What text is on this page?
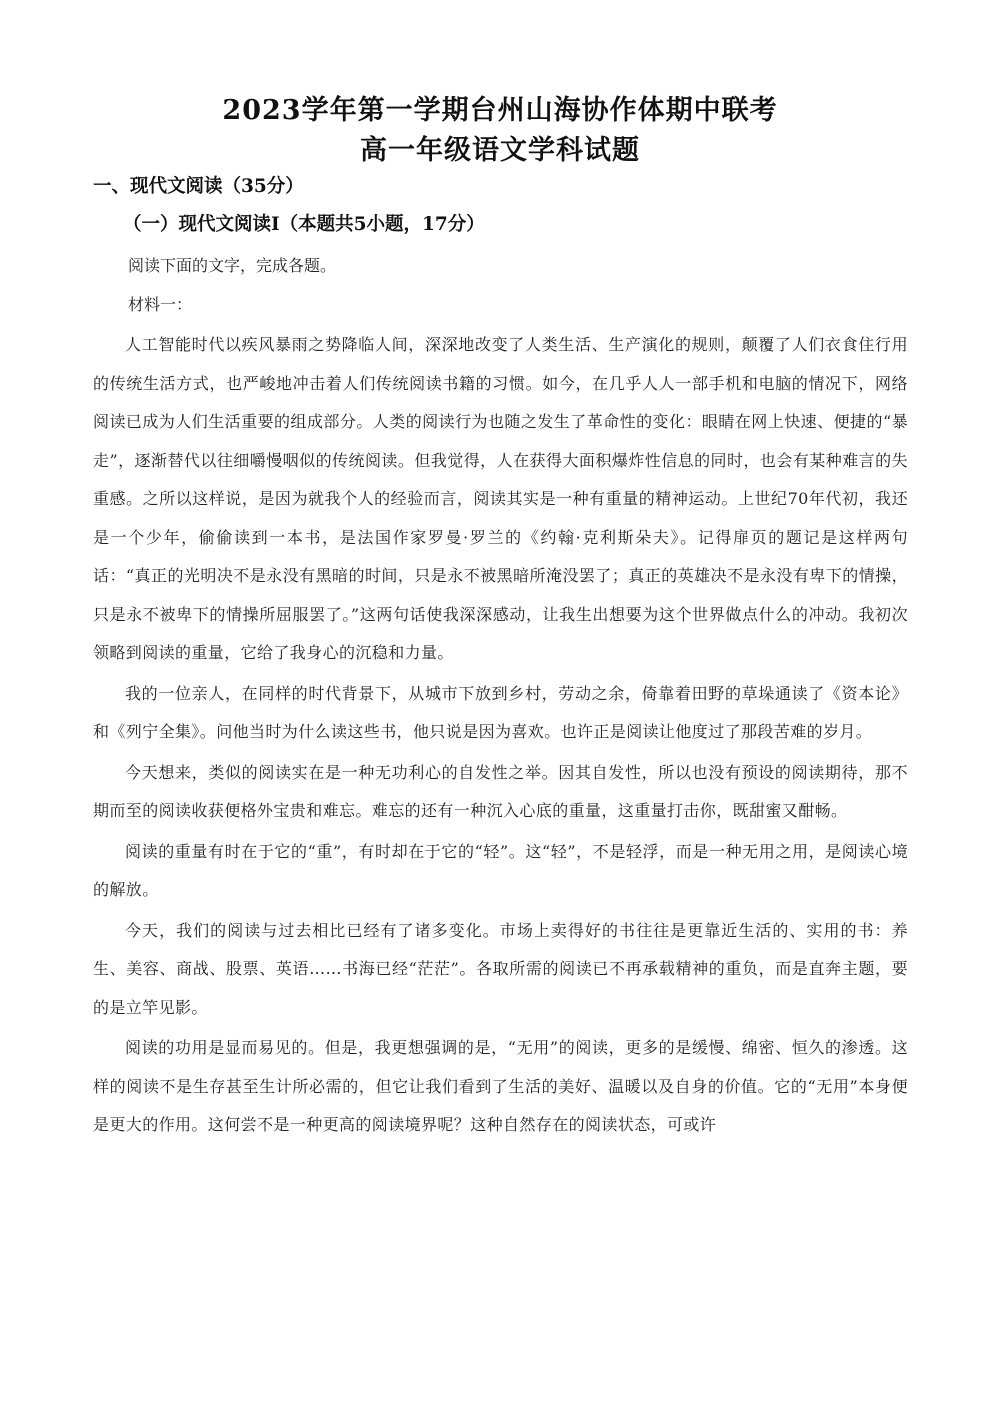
2023学年第一学期台州山海协作体期中联考
高一年级语文学科试题
一、现代文阅读（35分）
（一）现代文阅读Ⅰ（本题共5小题，17分）
阅读下面的文字，完成各题。
材料一：

人工智能时代以疾风暴雨之势降临人间，深深地改变了人类生活、生产演化的规则，颠覆了人们衣食住行用的传统生活方式，也严峻地冲击着人们传统阅读书籍的习惯。如今，在几乎人人一部手机和电脑的情况下，网络阅读已成为人们生活重要的组成部分。人类的阅读行为也随之发生了革命性的变化：眼睛在网上快速、便捷的“暴走”，逐渐替代以往细嚼慢咽似的传统阅读。但我觉得，人在获得大面积爆炸性信息的同时，也会有某种难言的失重感。之所以这样说，是因为就我个人的经验而言，阅读其实是一种有重量的精神运动。上世纪70年代初，我还是一个少年，偷偷读到一本书，是法国作家罗曼·罗兰的《约翰·克利斯朵夫》。记得扉页的题记是这样两句话：“真正的光明决不是永没有黑暗的时间，只是永不被黑暗所淹没罢了；真正的英雄决不是永没有卑下的情操，只是永不被卑下的情操所屈服罢了。”这两句话使我深深感动，让我生出想要为这个世界做点什么的冲动。我初次领略到阅读的重量，它给了我身心的沉稳和力量。

我的一位亲人，在同样的时代背景下，从城市下放到乡村，劳动之余，倚靠着田野的草垛通读了《资本论》和《列宁全集》。问他当时为什么读这些书，他只说是因为喜欢。也许正是阅读让他度过了那段苦难的岁月。

今天想来，类似的阅读实在是一种无功利心的自发性之举。因其自发性，所以也没有预设的阅读期待，那不期而至的阅读收获便格外宝贵和难忘。难忘的还有一种沉入心底的重量，这重量打击你，既甜蜜又酣畅。

阅读的重量有时在于它的“重”，有时却在于它的“轻”。这“轻”，不是轻浮，而是一种无用之用，是阅读心境的解放。

今天，我们的阅读与过去相比已经有了诸多变化。市场上卖得好的书往往是更靠近生活的、实用的书：养生、美容、商战、股票、英语……书海已经“茫茫”。各取所需的阅读已不再承载精神的重负，而是直奔主题，要的是立竿见影。

阅读的功用是显而易见的。但是，我更想强调的是，“无用”的阅读，更多的是缓慢、绵密、恒久的渗透。这样的阅读不是生存甚至生计所必需的，但它让我们看到了生活的美好、温暖以及自身的价值。它的“无用”本身便是更大的作用。这何尝不是一种更高的阅读境界呢？这种自然存在的阅读状态，可或许
